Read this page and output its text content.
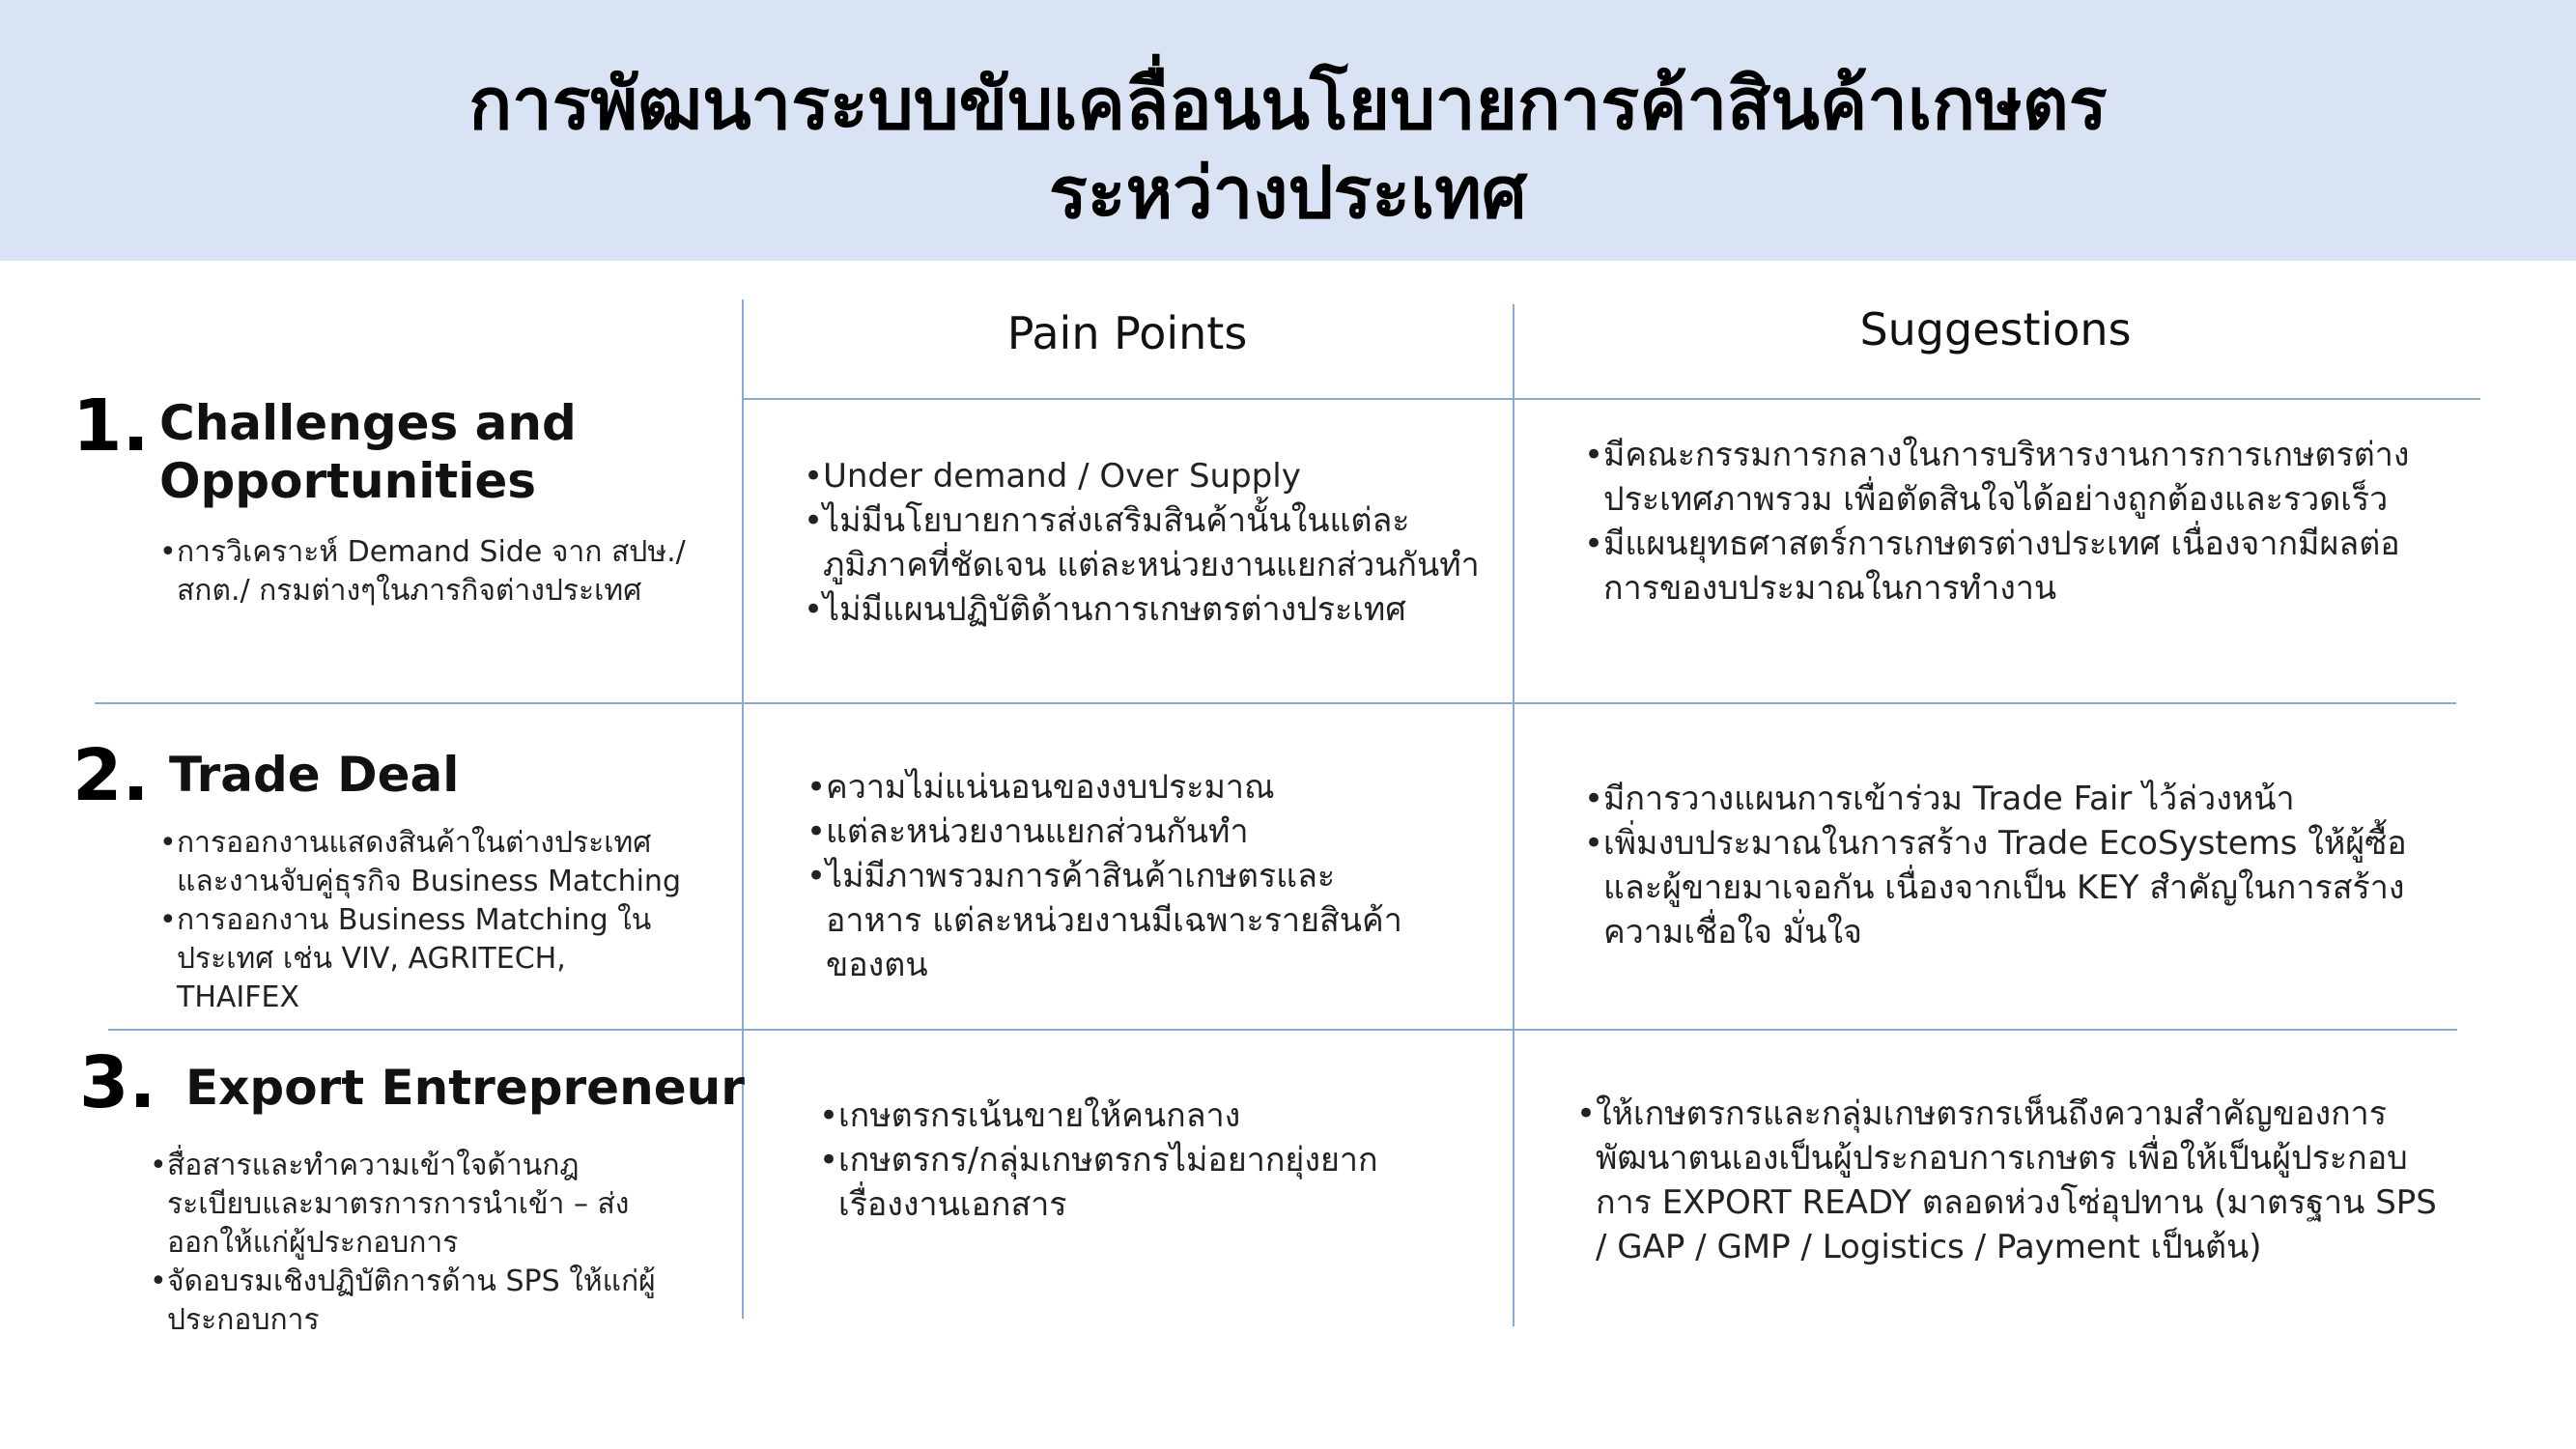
การพัฒนาระบบขับเคลื่อนนโยบายการค้าสินค้าเกษตร
ระหว่างประเทศ
Pain Points	Suggestions
1. Challenges and
Opportunities
• การวิเคราะห์ Demand Side จาก สปษ./ สกต./ กรมต่างๆในภารกิจต่างประเทศ
• Under demand / Over Supply
• ไม่มีนโยบายการส่งเสริมสินค้านั้นในแต่ละภูมิภาคที่ชัดเจน แต่ละหน่วยงานแยกส่วนกันทำ
• ไม่มีแผนปฏิบัติด้านการเกษตรต่างประเทศ
• มีคณะกรรมการกลางในการบริหารงานการการเกษตรต่างประเทศภาพรวม เพื่อตัดสินใจได้อย่างถูกต้องและรวดเร็ว
• มีแผนยุทธศาสตร์การเกษตรต่างประเทศ เนื่องจากมีผลต่อการของบประมาณในการทำงาน
2. Trade Deal
• การออกงานแสดงสินค้าในต่างประเทศ และงานจับคู่ธุรกิจ Business Matching
• การออกงาน Business Matching ในประเทศ เช่น VIV, AGRITECH, THAIFEX
• ความไม่แน่นอนของงบประมาณ
• แต่ละหน่วยงานแยกส่วนกันทำ
• ไม่มีภาพรวมการค้าสินค้าเกษตรและอาหาร แต่ละหน่วยงานมีเฉพาะรายสินค้าของตน
• มีการวางแผนการเข้าร่วม Trade Fair ไว้ล่วงหน้า
• เพิ่มงบประมาณในการสร้าง Trade EcoSystems ให้ผู้ซื้อและผู้ขายมาเจอกัน เนื่องจากเป็น KEY สำคัญในการสร้างความเชื่อใจ มั่นใจ
3. Export Entrepreneur
• สื่อสารและทำความเข้าใจด้านกฎระเบียบและมาตรการการนำเข้า – ส่งออกให้แก่ผู้ประกอบการ
• จัดอบรมเชิงปฏิบัติการด้าน SPS ให้แก่ผู้ประกอบการ
• เกษตรกรเน้นขายให้คนกลาง
• เกษตรกร/กลุ่มเกษตรกรไม่อยากยุ่งยากเรื่องงานเอกสาร
• ให้เกษตรกรและกลุ่มเกษตรกรเห็นถึงความสำคัญของการพัฒนาตนเองเป็นผู้ประกอบการเกษตร เพื่อให้เป็นผู้ประกอบการ EXPORT READY ตลอดห่วงโซ่อุปทาน (มาตรฐาน SPS / GAP / GMP / Logistics / Payment เป็นต้น)
